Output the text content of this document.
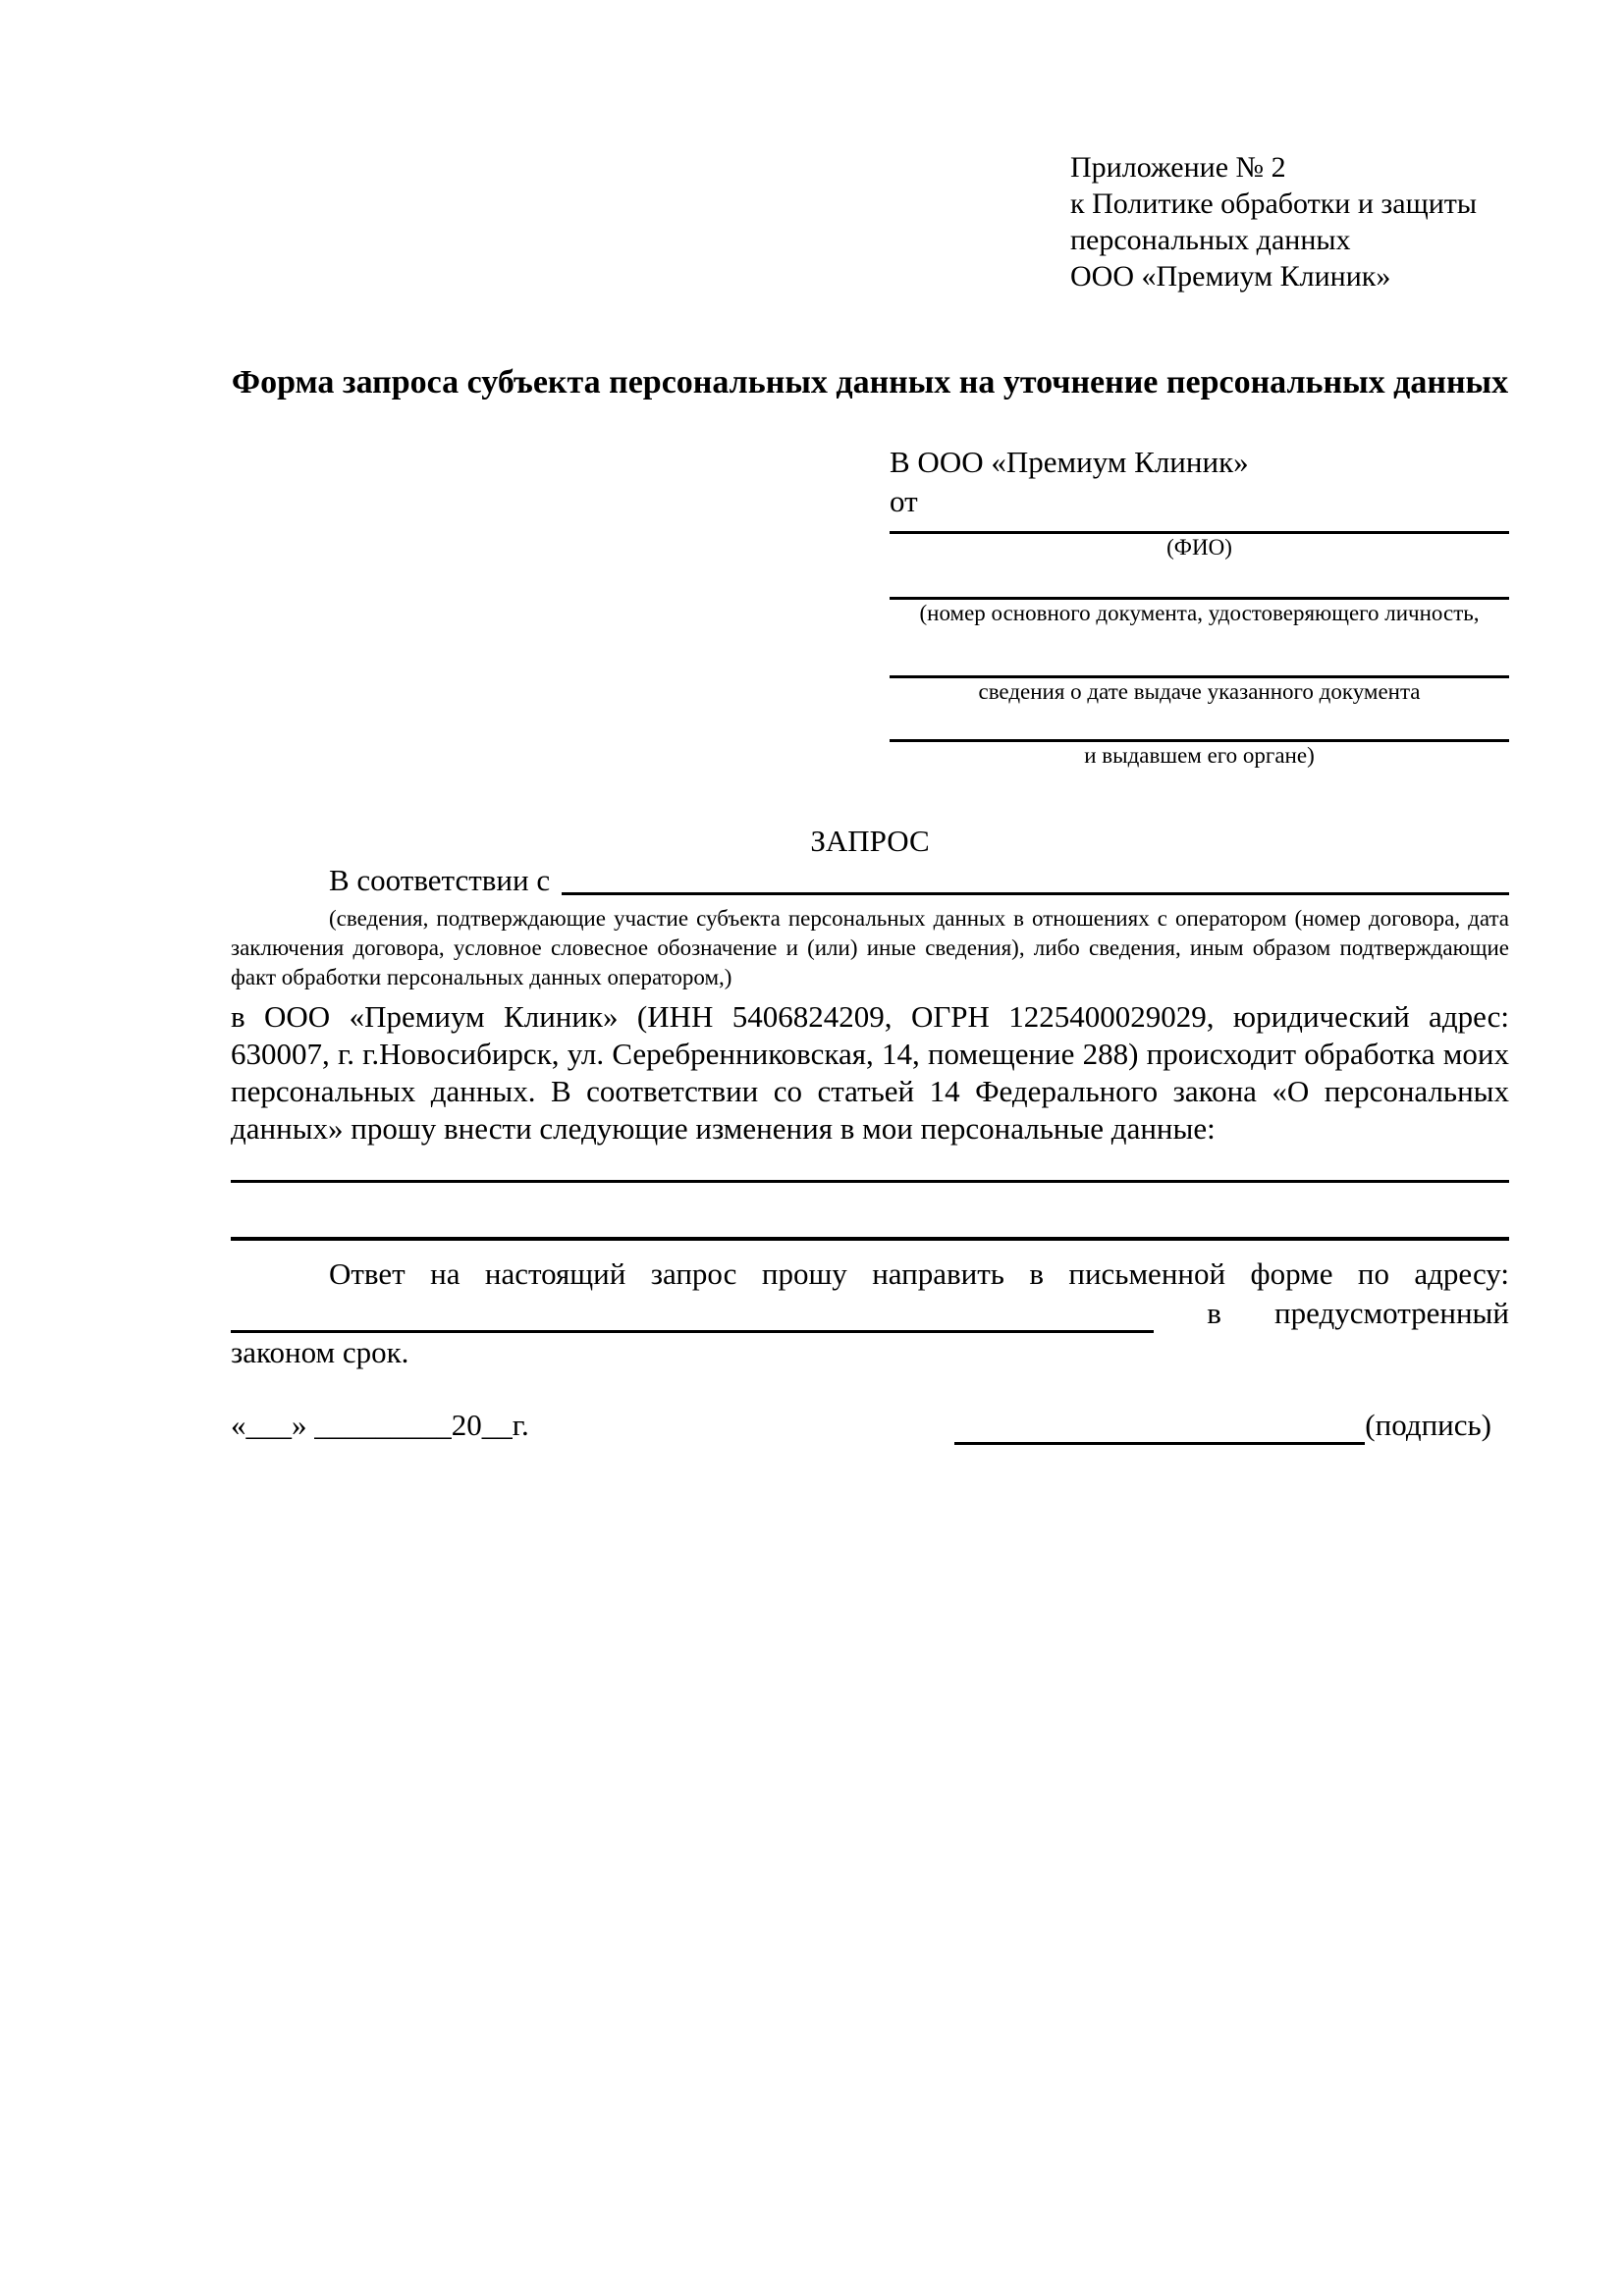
Приложение № 2
к Политике обработки и защиты
персональных данных
ООО «Премиум Клиник»
Форма запроса субъекта персональных данных на уточнение персональных данных
В ООО «Премиум Клиник»
от
(ФИО)
(номер основного документа, удостоверяющего личность,
сведения о дате выдаче указанного документа
и выдавшем его органе)
ЗАПРОС
В соответствии с
(сведения, подтверждающие участие субъекта персональных данных в отношениях с оператором (номер договора, дата заключения договора, условное словесное обозначение и (или) иные сведения), либо сведения, иным образом подтверждающие факт обработки персональных данных оператором,)

в ООО «Премиум Клиник» (ИНН 5406824209, ОГРН 1225400029029, юридический адрес: 630007, г. г.Новосибирск, ул. Серебренниковская, 14, помещение 288) происходит обработка моих персональных данных. В соответствии со статьей 14 Федерального закона «О персональных данных» прошу внести следующие изменения в мои персональные данные:

Ответ на настоящий запрос прошу направить в письменной форме по адресу:
в предусмотренный
законом срок.
«___» _________20__г.	(подпись)
